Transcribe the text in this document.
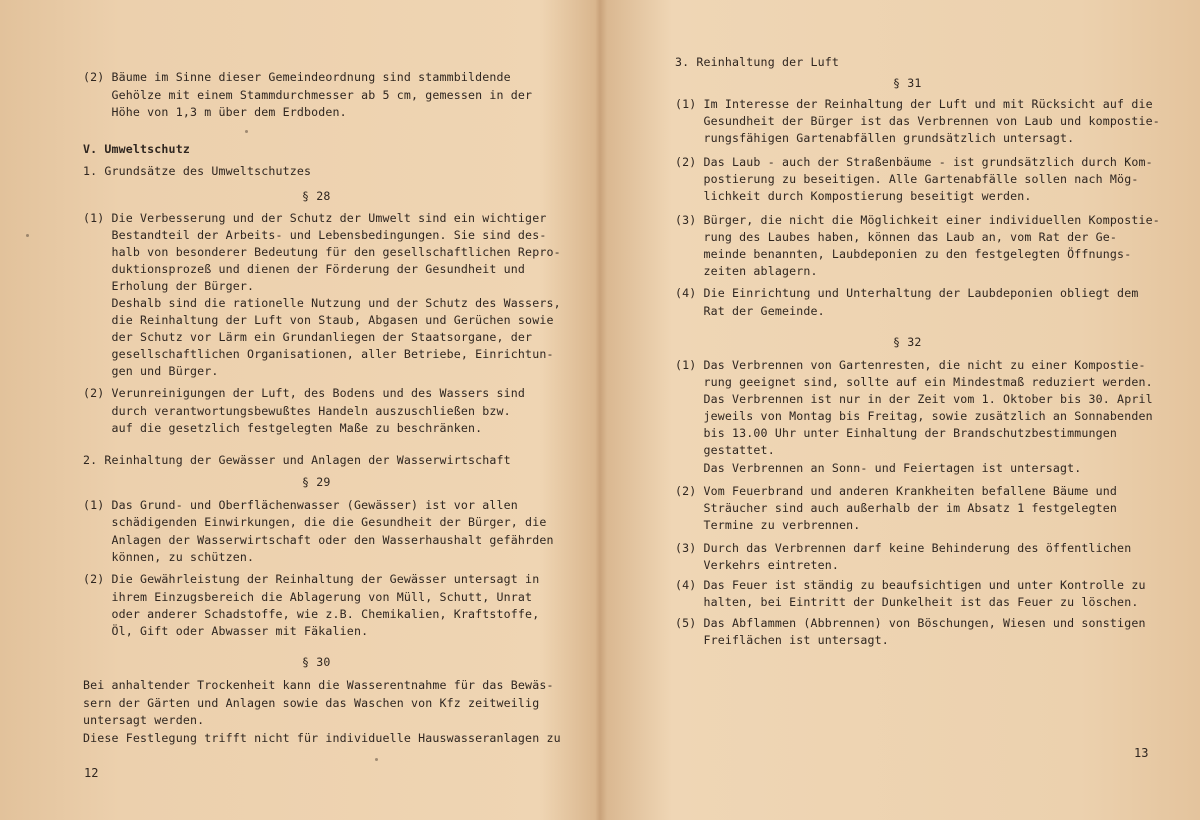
(2) Bäume im Sinne dieser Gemeindeordnung sind stammbildende
Gehölze mit einem Stammdurchmesser ab 5 cm, gemessen in der
Höhe von 1,3 m über dem Erdboden.
V. Umweltschutz
1. Grundsätze des Umweltschutzes
§ 28
(1) Die Verbesserung und der Schutz der Umwelt sind ein wichtiger
Bestandteil der Arbeits- und Lebensbedingungen. Sie sind des-
halb von besonderer Bedeutung für den gesellschaftlichen Repro-
duktionsprozeß und dienen der Förderung der Gesundheit und
Erholung der Bürger.
Deshalb sind die rationelle Nutzung und der Schutz des Wassers,
die Reinhaltung der Luft von Staub, Abgasen und Gerüchen sowie
der Schutz vor Lärm ein Grundanliegen der Staatsorgane, der
gesellschaftlichen Organisationen, aller Betriebe, Einrichtun-
gen und Bürger.
(2) Verunreinigungen der Luft, des Bodens und des Wassers sind
durch verantwortungsbewußtes Handeln auszuschließen bzw.
auf die gesetzlich festgelegten Maße zu beschränken.
2. Reinhaltung der Gewässer und Anlagen der Wasserwirtschaft
§ 29
(1) Das Grund- und Oberflächenwasser (Gewässer) ist vor allen
schädigenden Einwirkungen, die die Gesundheit der Bürger, die
Anlagen der Wasserwirtschaft oder den Wasserhaushalt gefährden
können, zu schützen.
(2) Die Gewährleistung der Reinhaltung der Gewässer untersagt in
ihrem Einzugsbereich die Ablagerung von Müll, Schutt, Unrat
oder anderer Schadstoffe, wie z.B. Chemikalien, Kraftstoffe,
Öl, Gift oder Abwasser mit Fäkalien.
§ 30
Bei anhaltender Trockenheit kann die Wasserentnahme für das Bewäs-
sern der Gärten und Anlagen sowie das Waschen von Kfz zeitweilig
untersagt werden.
Diese Festlegung trifft nicht für individuelle Hauswasseranlagen zu
12
3. Reinhaltung der Luft
§ 31
(1) Im Interesse der Reinhaltung der Luft und mit Rücksicht auf die
Gesundheit der Bürger ist das Verbrennen von Laub und kompostie-
rungsfähigen Gartenabfällen grundsätzlich untersagt.
(2) Das Laub - auch der Straßenbäume - ist grundsätzlich durch Kom-
postierung zu beseitigen. Alle Gartenabfälle sollen nach Mög-
lichkeit durch Kompostierung beseitigt werden.
(3) Bürger, die nicht die Möglichkeit einer individuellen Kompostie-
rung des Laubes haben, können das Laub an, vom Rat der Ge-
meinde benannten, Laubdeponien zu den festgelegten Öffnungs-
zeiten ablagern.
(4) Die Einrichtung und Unterhaltung der Laubdeponien obliegt dem
Rat der Gemeinde.
§ 32
(1) Das Verbrennen von Gartenresten, die nicht zu einer Kompostie-
rung geeignet sind, sollte auf ein Mindestmaß reduziert werden.
Das Verbrennen ist nur in der Zeit vom 1. Oktober bis 30. April
jeweils von Montag bis Freitag, sowie zusätzlich an Sonnabenden
bis 13.00 Uhr unter Einhaltung der Brandschutzbestimmungen
gestattet.
Das Verbrennen an Sonn- und Feiertagen ist untersagt.
(2) Vom Feuerbrand und anderen Krankheiten befallene Bäume und
Sträucher sind auch außerhalb der im Absatz 1 festgelegten
Termine zu verbrennen.
(3) Durch das Verbrennen darf keine Behinderung des öffentlichen
Verkehrs eintreten.
(4) Das Feuer ist ständig zu beaufsichtigen und unter Kontrolle zu
halten, bei Eintritt der Dunkelheit ist das Feuer zu löschen.
(5) Das Abflammen (Abbrennen) von Böschungen, Wiesen und sonstigen
Freiflächen ist untersagt.
13
